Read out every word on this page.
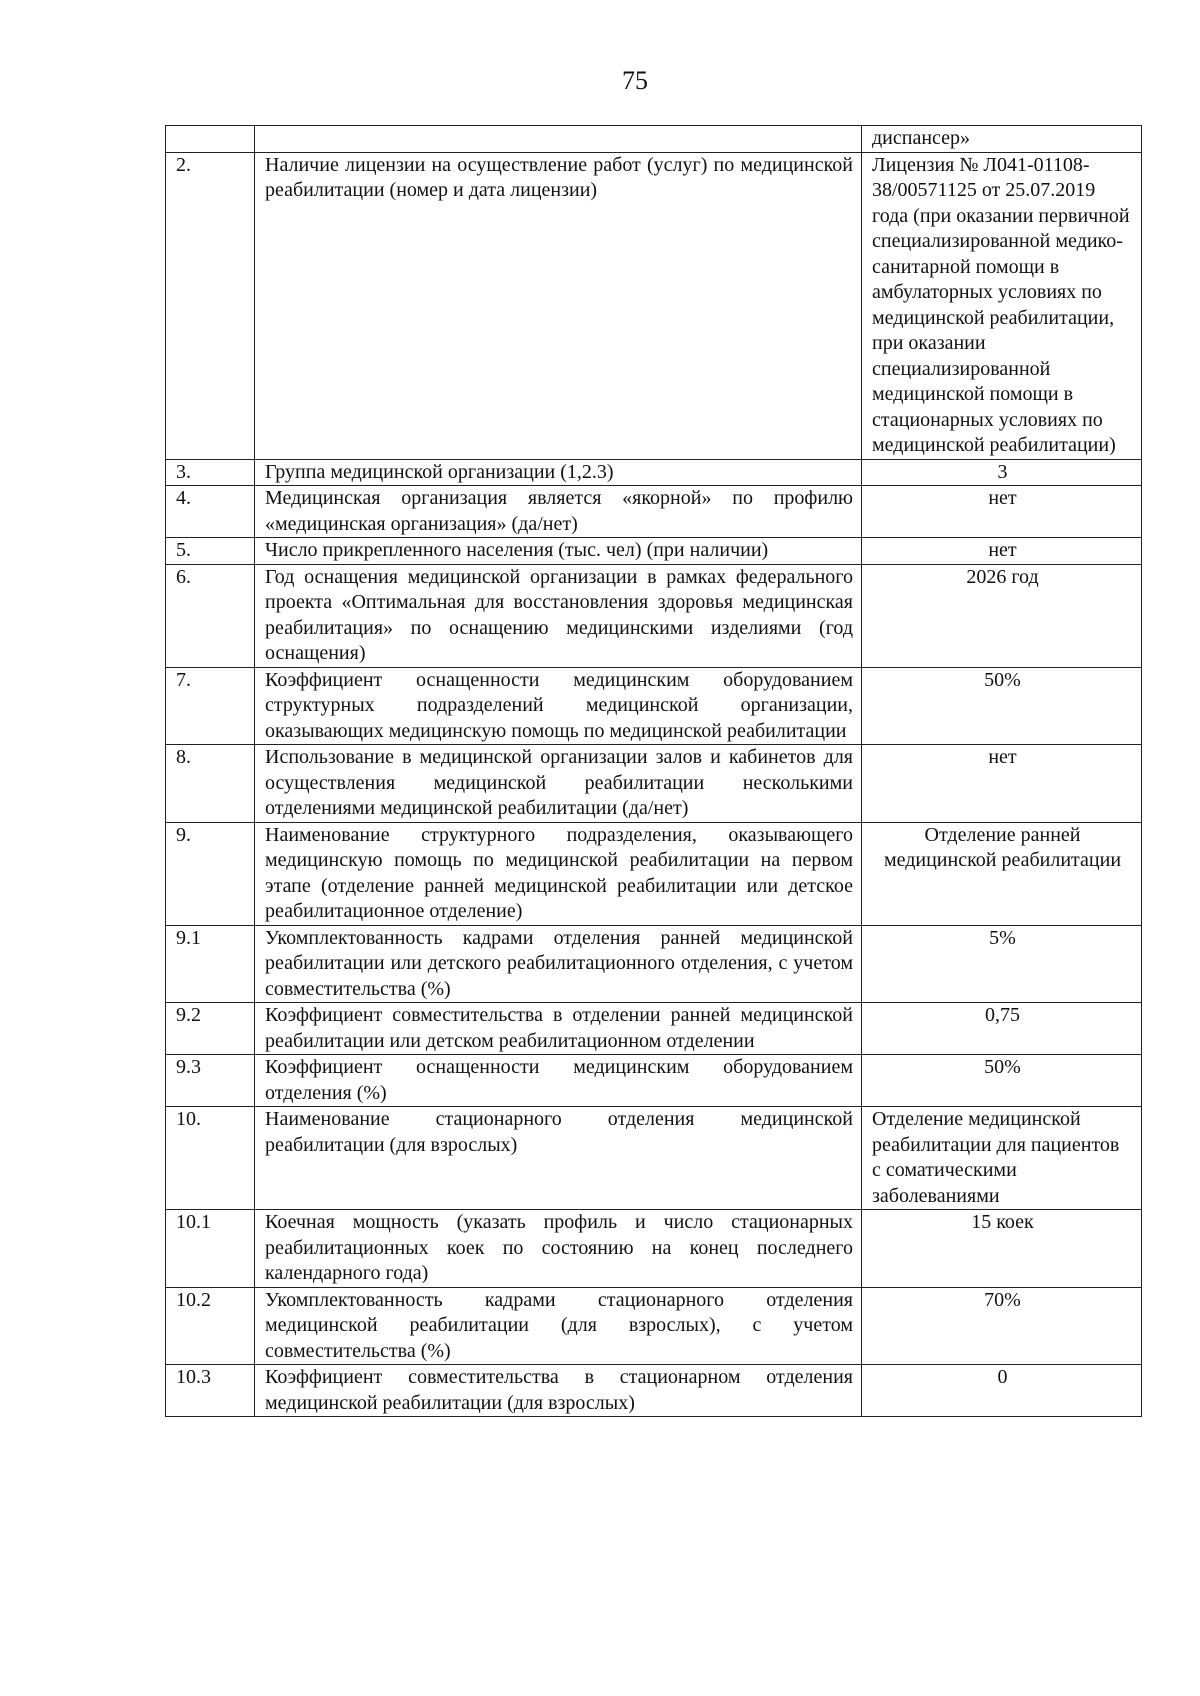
75
		диспансер»
2.	Наличие лицензии на осуществление работ (услуг) по медицинской реабилитации (номер и дата лицензии)	Лицензия № Л041-01108-38/00571125 от 25.07.2019 года (при оказании первичной специализированной медико-санитарной помощи в амбулаторных условиях по медицинской реабилитации, при оказании специализированной медицинской помощи в стационарных условиях по медицинской реабилитации)
3.	Группа медицинской организации (1,2.3)	3
4.	Медицинская организация является «якорной» по профилю «медицинская организация» (да/нет)	нет
5.	Число прикрепленного населения (тыс. чел) (при наличии)	нет
6.	Год оснащения медицинской организации в рамках федерального проекта «Оптимальная для восстановления здоровья медицинская реабилитация» по оснащению медицинскими изделиями (год оснащения)	2026 год
7.	Коэффициент оснащенности медицинским оборудованием структурных подразделений медицинской организации, оказывающих медицинскую помощь по медицинской реабилитации	50%
8.	Использование в медицинской организации залов и кабинетов для осуществления медицинской реабилитации несколькими отделениями медицинской реабилитации (да/нет)	нет
9.	Наименование структурного подразделения, оказывающего медицинскую помощь по медицинской реабилитации на первом этапе (отделение ранней медицинской реабилитации или детское реабилитационное отделение)	Отделение ранней медицинской реабилитации
9.1	Укомплектованность кадрами отделения ранней медицинской реабилитации или детского реабилитационного отделения, с учетом совместительства (%)	5%
9.2	Коэффициент совместительства в отделении ранней медицинской реабилитации или детском реабилитационном отделении	0,75
9.3	Коэффициент оснащенности медицинским оборудованием отделения (%)	50%
10.	Наименование стационарного отделения медицинской реабилитации (для взрослых)	Отделение медицинской реабилитации для пациентов с соматическими заболеваниями
10.1	Коечная мощность (указать профиль и число стационарных реабилитационных коек по состоянию на конец последнего календарного года)	15 коек
10.2	Укомплектованность кадрами стационарного отделения медицинской реабилитации (для взрослых), с учетом совместительства (%)	70%
10.3	Коэффициент совместительства в стационарном отделения медицинской реабилитации (для взрослых)	0
